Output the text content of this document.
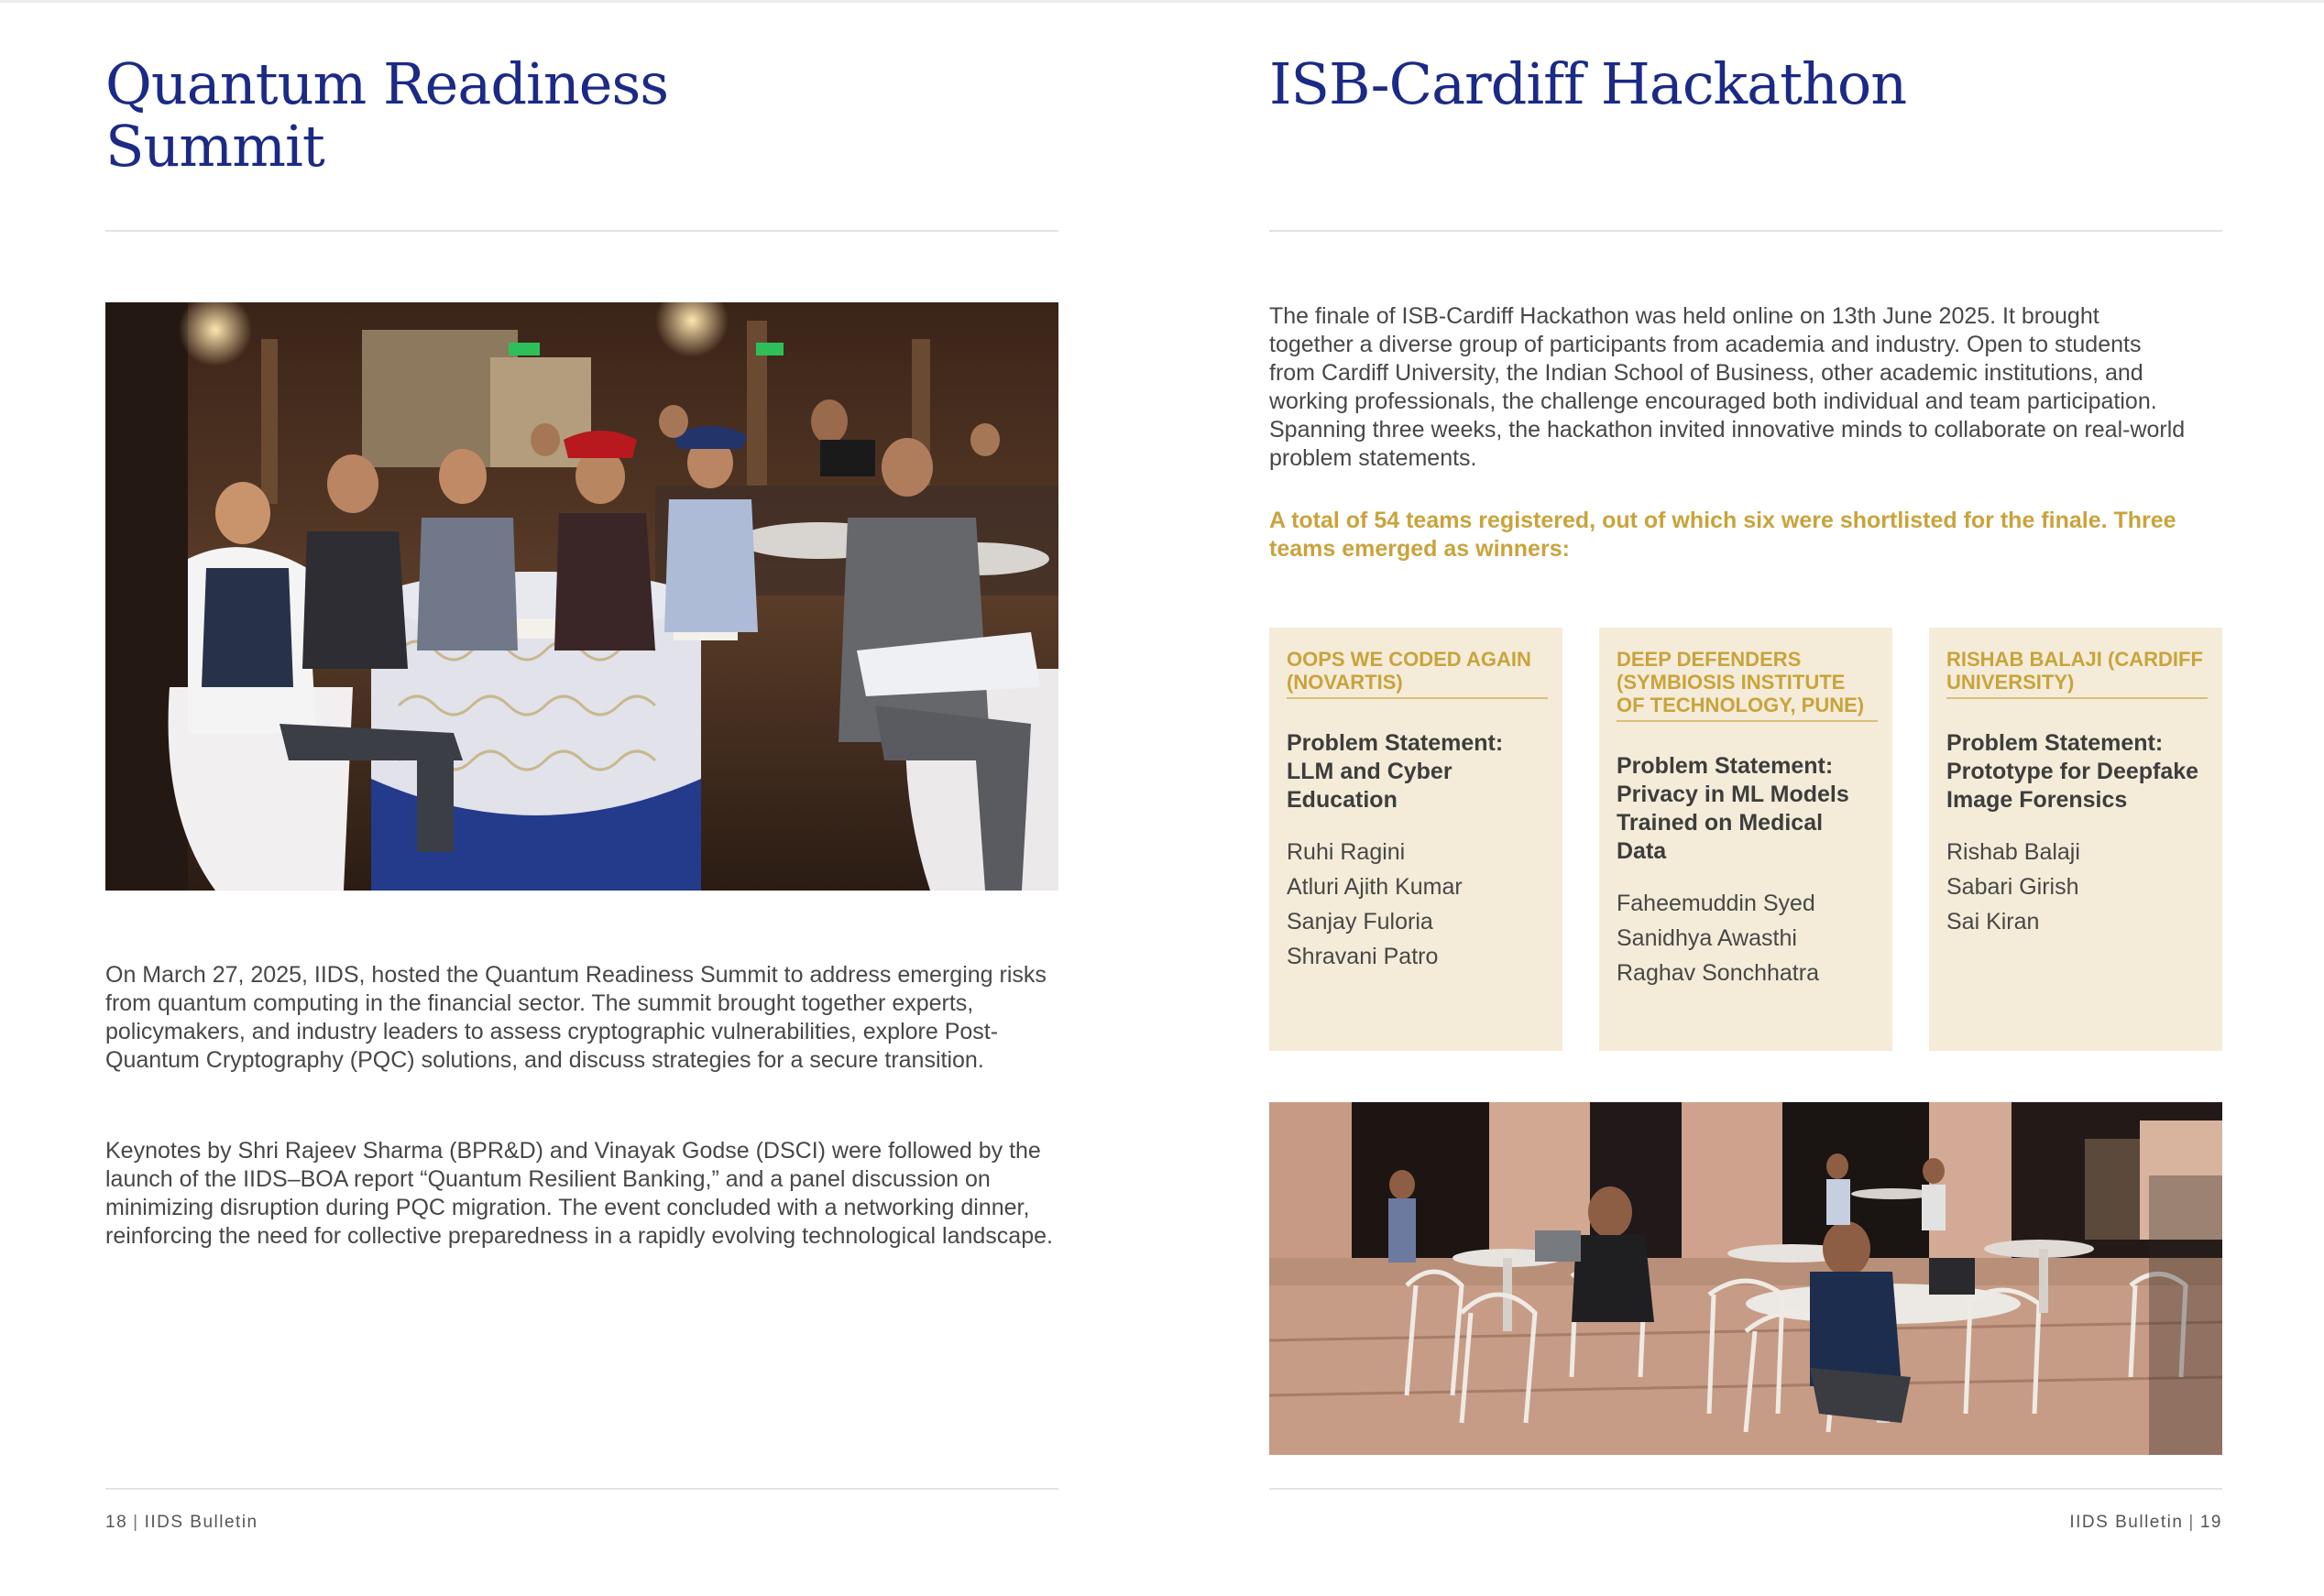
Quantum Readiness
Summit

On March 27, 2025, IIDS, hosted the Quantum Readiness Summit to address emerging risks from quantum computing in the financial sector. The summit brought together experts, policymakers, and industry leaders to assess cryptographic vulnerabilities, explore Post-Quantum Cryptography (PQC) solutions, and discuss strategies for a secure transition.

Keynotes by Shri Rajeev Sharma (BPR&D) and Vinayak Godse (DSCI) were followed by the launch of the IIDS–BOA report “Quantum Resilient Banking,” and a panel discussion on minimizing disruption during PQC migration. The event concluded with a networking dinner, reinforcing the need for collective preparedness in a rapidly evolving technological landscape.

18 | IIDS Bulletin
ISB-Cardiff Hackathon

The finale of ISB-Cardiff Hackathon was held online on 13th June 2025. It brought together a diverse group of participants from academia and industry. Open to students from Cardiff University, the Indian School of Business, other academic institutions, and working professionals, the challenge encouraged both individual and team participation. Spanning three weeks, the hackathon invited innovative minds to collaborate on real-world problem statements.

A total of 54 teams registered, out of which six were shortlisted for the finale. Three teams emerged as winners:

OOPS WE CODED AGAIN (NOVARTIS)
Problem Statement: LLM and Cyber Education
Ruhi Ragini
Atluri Ajith Kumar
Sanjay Fuloria
Shravani Patro
DEEP DEFENDERS (SYMBIOSIS INSTITUTE OF TECHNOLOGY, PUNE)
Problem Statement: Privacy in ML Models Trained on Medical Data
Faheemuddin Syed
Sanidhya Awasthi
Raghav Sonchhatra
RISHAB BALAJI (CARDIFF UNIVERSITY)
Problem Statement: Prototype for Deepfake Image Forensics
Rishab Balaji
Sabari Girish
Sai Kiran
IIDS Bulletin | 19
